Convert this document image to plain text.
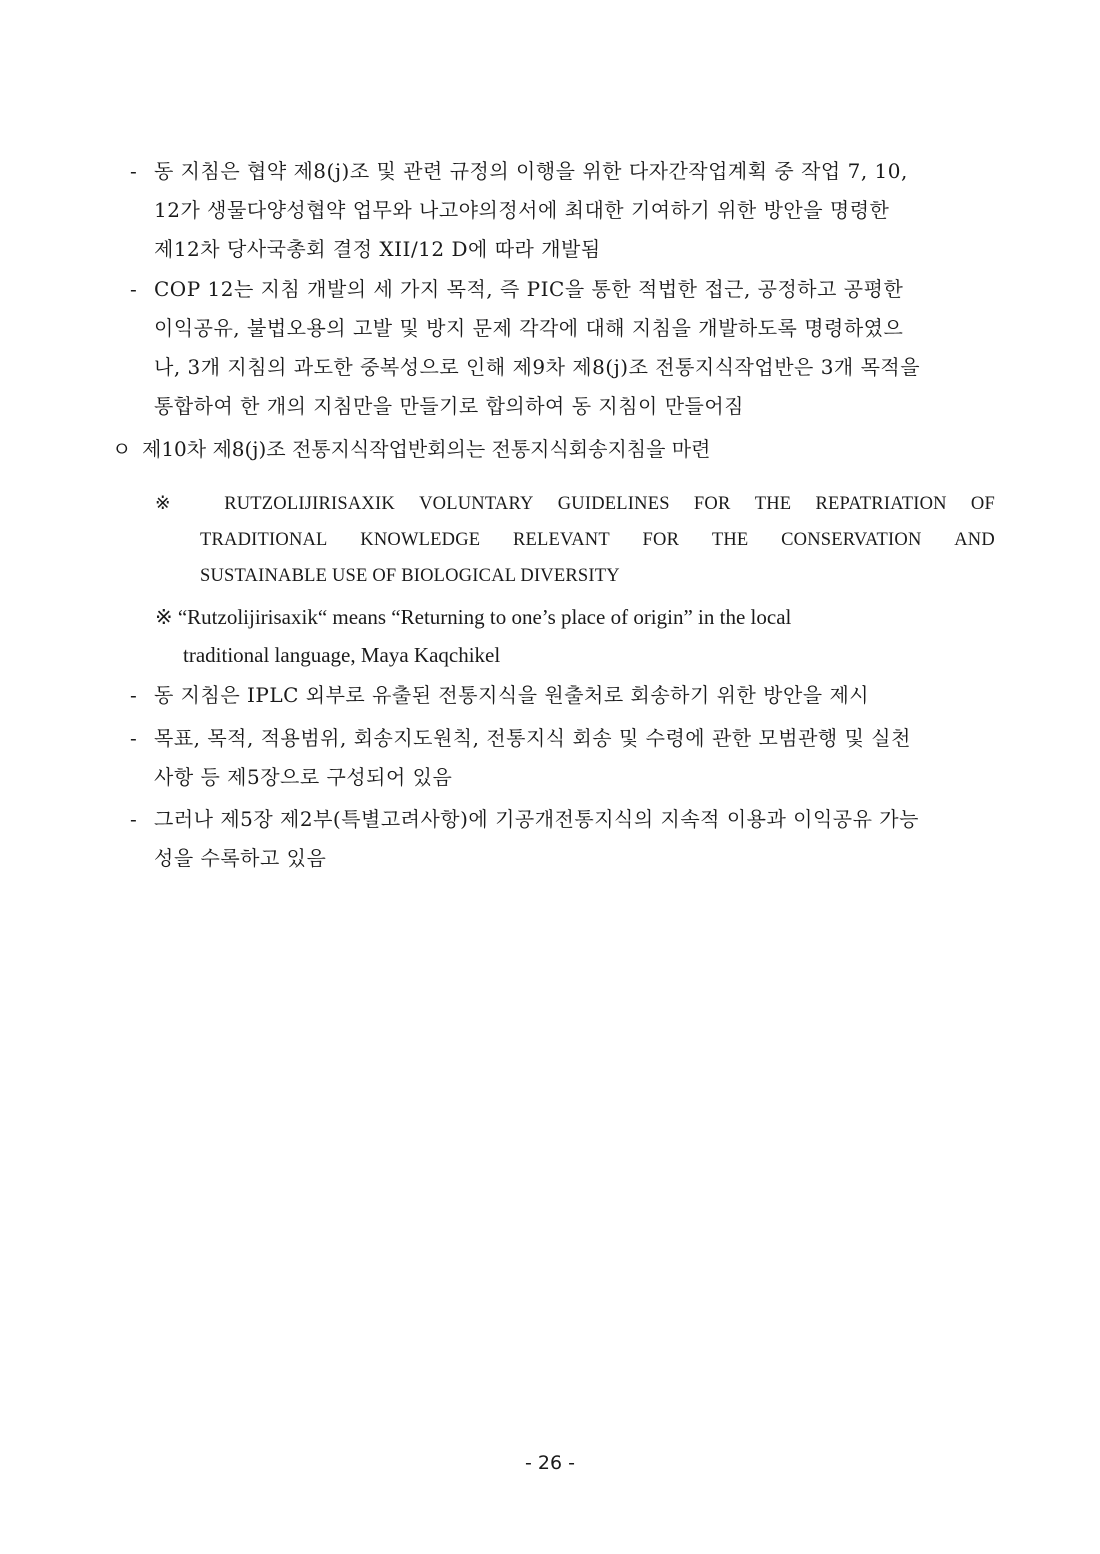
- 동 지침은 협약 제8(j)조 및 관련 규정의 이행을 위한 다자간작업계획 중 작업 7, 10,
12가 생물다양성협약 업무와 나고야의정서에 최대한 기여하기 위한 방안을 명령한
제12차 당사국총회 결정 XII/12 D에 따라 개발됨
- COP 12는 지침 개발의 세 가지 목적, 즉 PIC을 통한 적법한 접근, 공정하고 공평한
이익공유, 불법오용의 고발 및 방지 문제 각각에 대해 지침을 개발하도록 명령하였으
나, 3개 지침의 과도한 중복성으로 인해 제9차 제8(j)조 전통지식작업반은 3개 목적을
통합하여 한 개의 지침만을 만들기로 합의하여 동 지침이 만들어짐
ㅇ 제10차 제8(j)조 전통지식작업반회의는 전통지식회송지침을 마련
※	RUTZOLIJIRISAXIK VOLUNTARY GUIDELINES FOR THE REPATRIATION OF
TRADITIONAL KNOWLEDGE RELEVANT FOR THE CONSERVATION AND
SUSTAINABLE USE OF BIOLOGICAL DIVERSITY
※ “Rutzolijirisaxik“ means “Returning to one’s place of origin” in the local
traditional language, Maya Kaqchikel
- 동 지침은 IPLC 외부로 유출된 전통지식을 원출처로 회송하기 위한 방안을 제시
- 목표, 목적, 적용범위, 회송지도원칙, 전통지식 회송 및 수령에 관한 모범관행 및 실천
사항 등 제5장으로 구성되어 있음
- 그러나 제5장 제2부(특별고려사항)에 기공개전통지식의 지속적 이용과 이익공유 가능
성을 수록하고 있음
- 26 -
